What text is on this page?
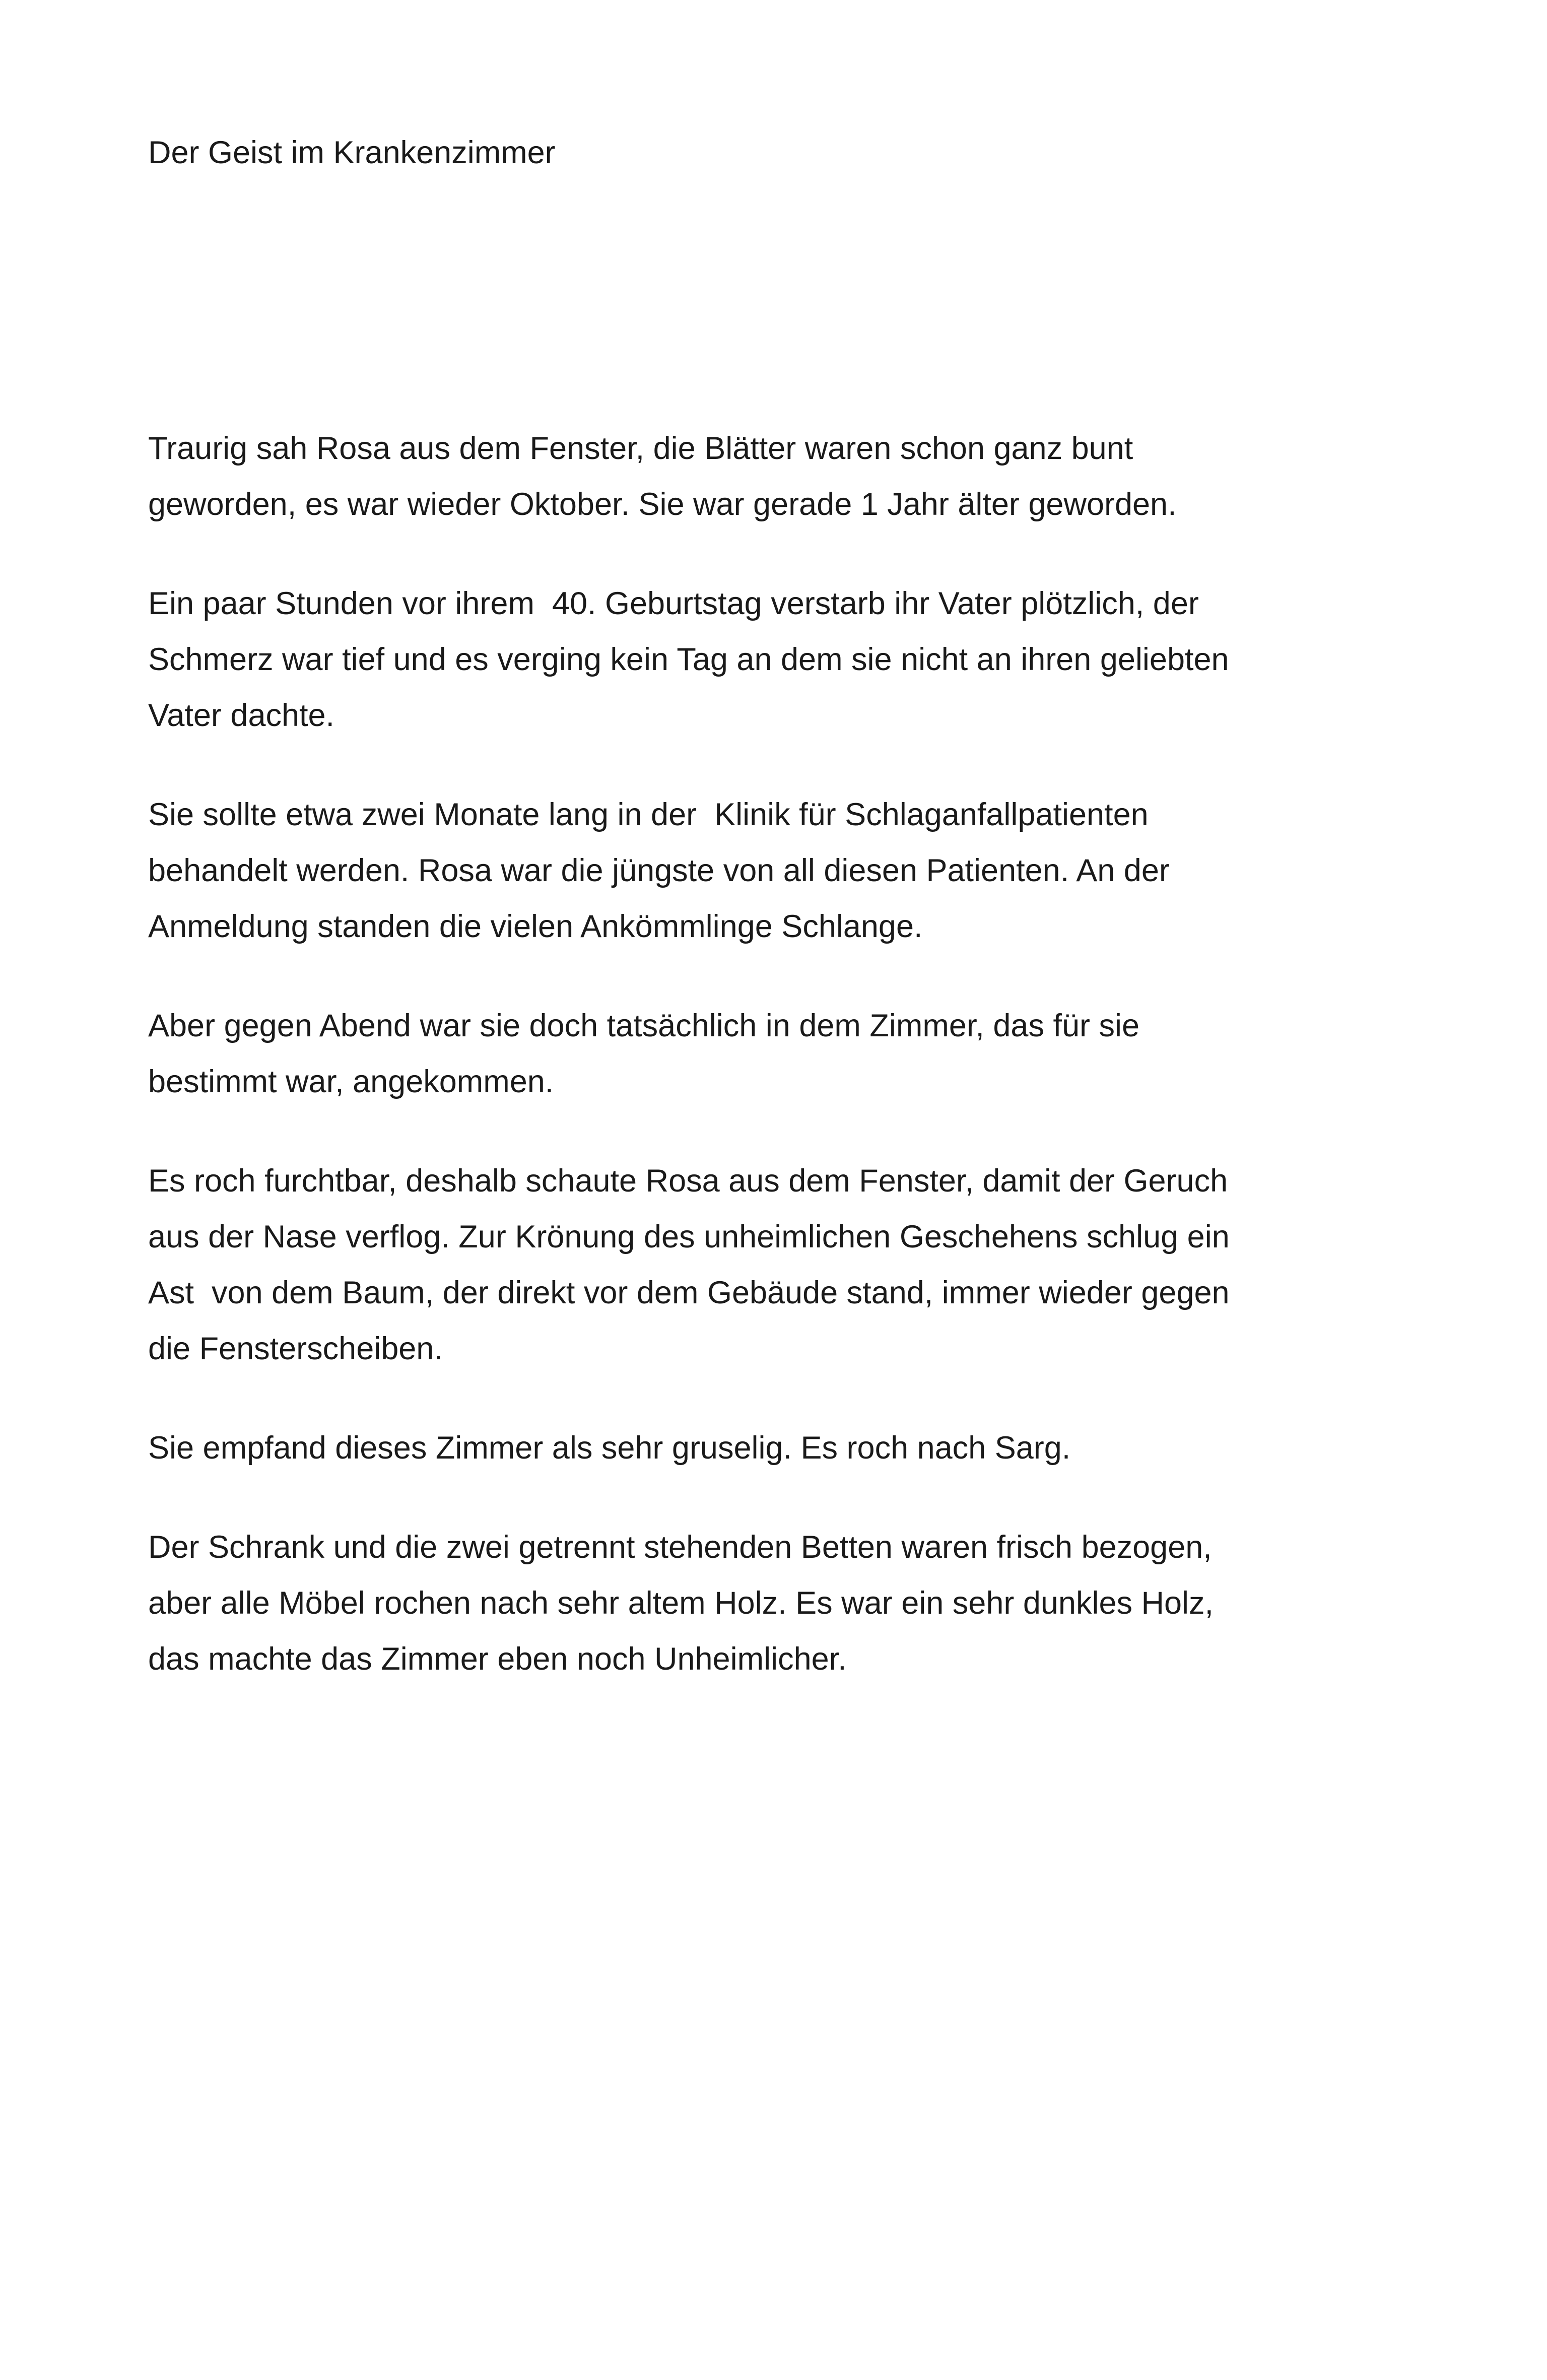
Der Geist im Krankenzimmer

Traurig sah Rosa aus dem Fenster, die Blätter waren schon ganz bunt
geworden, es war wieder Oktober. Sie war gerade 1 Jahr älter geworden.

Ein paar Stunden vor ihrem  40. Geburtstag verstarb ihr Vater plötzlich, der
Schmerz war tief und es verging kein Tag an dem sie nicht an ihren geliebten
Vater dachte.

Sie sollte etwa zwei Monate lang in der  Klinik für Schlaganfallpatienten
behandelt werden. Rosa war die jüngste von all diesen Patienten. An der
Anmeldung standen die vielen Ankömmlinge Schlange.

Aber gegen Abend war sie doch tatsächlich in dem Zimmer, das für sie
bestimmt war, angekommen.

Es roch furchtbar, deshalb schaute Rosa aus dem Fenster, damit der Geruch
aus der Nase verflog. Zur Krönung des unheimlichen Geschehens schlug ein
Ast  von dem Baum, der direkt vor dem Gebäude stand, immer wieder gegen
die Fensterscheiben.

Sie empfand dieses Zimmer als sehr gruselig. Es roch nach Sarg.

Der Schrank und die zwei getrennt stehenden Betten waren frisch bezogen,
aber alle Möbel rochen nach sehr altem Holz. Es war ein sehr dunkles Holz,
das machte das Zimmer eben noch Unheimlicher.
